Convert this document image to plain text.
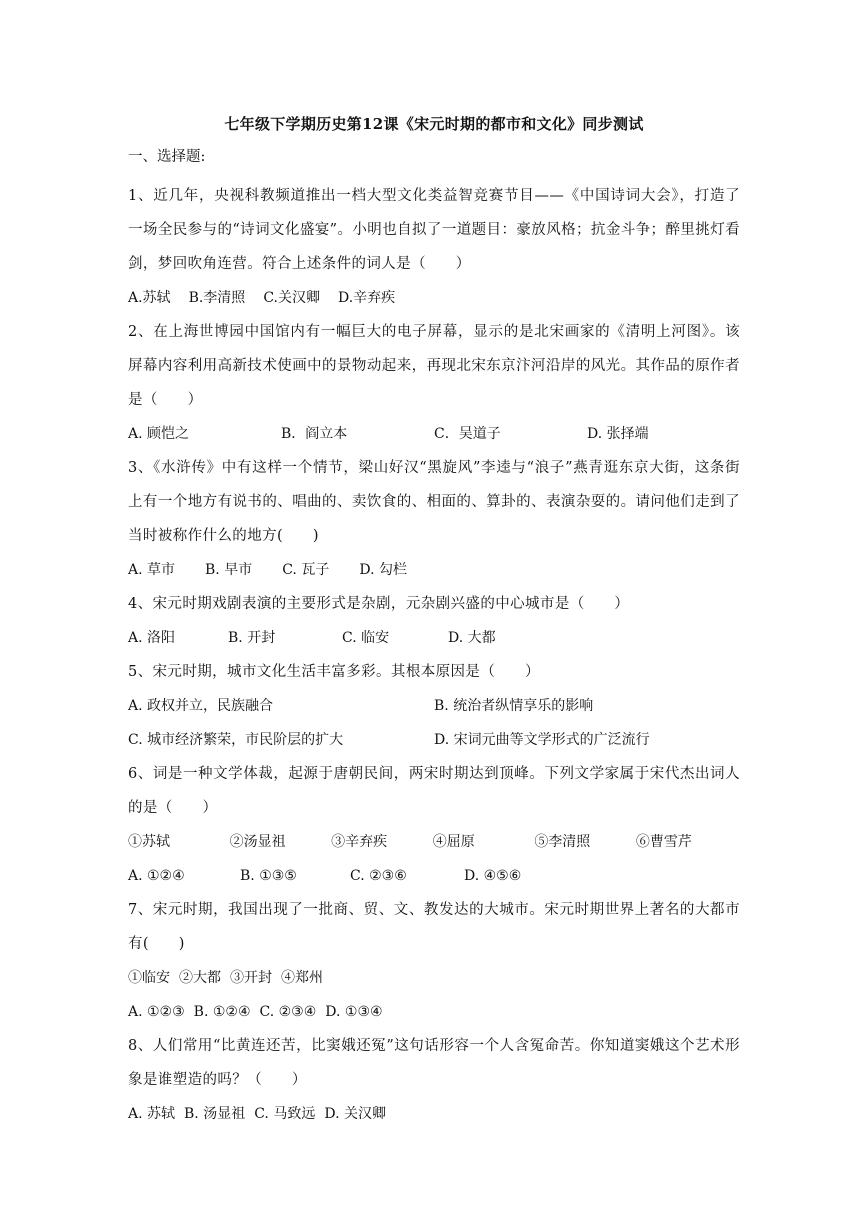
七年级下学期历史第12课《宋元时期的都市和文化》同步测试
一、选择题:

1、近几年，央视科教频道推出一档大型文化类益智竞赛节目——《中国诗词大会》，打造了一场全民参与的“诗词文化盛宴”。小明也自拟了一道题目：豪放风格；抗金斗争；醉里挑灯看剑，梦回吹角连营。符合上述条件的词人是（　　）

A.苏轼 B.李清照 C.关汉卿 D.辛弃疾

2、在上海世博园中国馆内有一幅巨大的电子屏幕，显示的是北宋画家的《清明上河图》。该屏幕内容利用高新技术使画中的景物动起来，再现北宋东京汴河沿岸的风光。其作品的原作者是（　　）

A. 顾恺之	B．阎立本	C．吴道子	D. 张择端

3、《水浒传》中有这样一个情节，梁山好汉“黑旋风”李逵与“浪子”燕青逛东京大街，这条街上有一个地方有说书的、唱曲的、卖饮食的、相面的、算卦的、表演杂耍的。请问他们走到了当时被称作什么的地方(　　)

A. 草市 B. 早市 C. 瓦子 D. 勾栏

4、宋元时期戏剧表演的主要形式是杂剧，元杂剧兴盛的中心城市是（　　）

A. 洛阳	B. 开封	C. 临安	D. 大都

5、宋元时期，城市文化生活丰富多彩。其根本原因是（　　）

A. 政权并立，民族融合	B. 统治者纵情享乐的影响
C. 城市经济繁荣，市民阶层的扩大	D. 宋词元曲等文学形式的广泛流行

6、词是一种文学体裁，起源于唐朝民间，两宋时期达到顶峰。下列文学家属于宋代杰出词人的是（　　）

①苏轼	②汤显祖	③辛弃疾	④屈原	⑤李清照	⑥曹雪芹
A. ①②④	B. ①③⑤	C. ②③⑥	D. ④⑤⑥

7、宋元时期，我国出现了一批商、贸、文、教发达的大城市。宋元时期世界上著名的大都市有(　　)

①临安 ②大都 ③开封 ④郑州
A. ①②③ B. ①②④ C. ②③④ D. ①③④

8、人们常用“比黄连还苦，比窦娥还冤”这句话形容一个人含冤命苦。你知道窦娥这个艺术形象是谁塑造的吗？（　　）

A. 苏轼 B. 汤显祖 C. 马致远 D. 关汉卿
